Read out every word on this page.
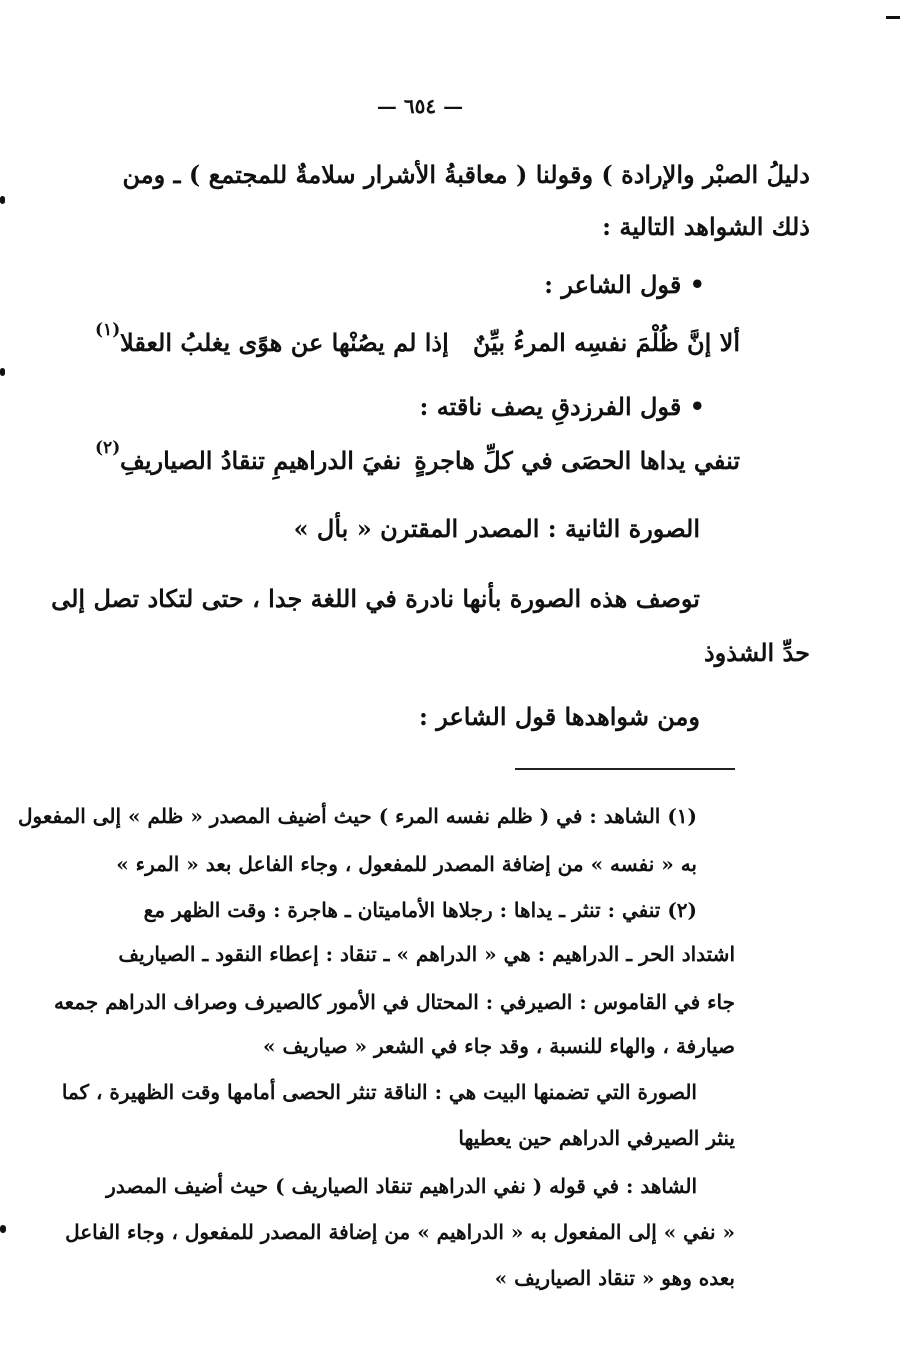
— ٦٥٤ —
دليلُ الصبْر والإرادة ) وقولنا ( معاقبةُ الأشرار سلامةٌ للمجتمع ) ـ ومن
ذلك الشواهد التالية :
• قول الشاعر :
ألا إنَّ ظُلْمَ نفسِه المرءُ بيِّنٌ
إذا لم يصُنْها عن هوًى يغلبُ العقلا
(١)
• قول الفرزدقِ يصف ناقته :
تنفي يداها الحصَى في كلِّ هاجرةٍ
نفيَ الدراهيمِ تنقادُ الصياريفِ
(٢)
الصورة الثانية : المصدر المقترن « بأل »
توصف هذه الصورة بأنها نادرة في اللغة جدا ، حتى لتكاد تصل إلى
حدِّ الشذوذ
ومن شواهدها قول الشاعر :
(١) الشاهد : في ( ظلم نفسه المرء ) حيث أضيف المصدر « ظلم » إلى المفعول
به « نفسه » من إضافة المصدر للمفعول ، وجاء الفاعل بعد « المرء »
(٢) تنفي : تنثر ـ يداها : رجلاها الأماميتان ـ هاجرة : وقت الظهر مع
اشتداد الحر ـ الدراهيم : هي « الدراهم » ـ تنقاد : إعطاء النقود ـ الصياريف
جاء في القاموس : الصيرفي : المحتال في الأمور كالصيرف وصراف الدراهم جمعه
صيارفة ، والهاء للنسبة ، وقد جاء في الشعر « صياريف »
الصورة التي تضمنها البيت هي : الناقة تنثر الحصى أمامها وقت الظهيرة ، كما
ينثر الصيرفي الدراهم حين يعطيها
الشاهد : في قوله ( نفي الدراهيم تنقاد الصياريف ) حيث أضيف المصدر
« نفي » إلى المفعول به « الدراهيم » من إضافة المصدر للمفعول ، وجاء الفاعل
بعده وهو « تنقاد الصياريف »
